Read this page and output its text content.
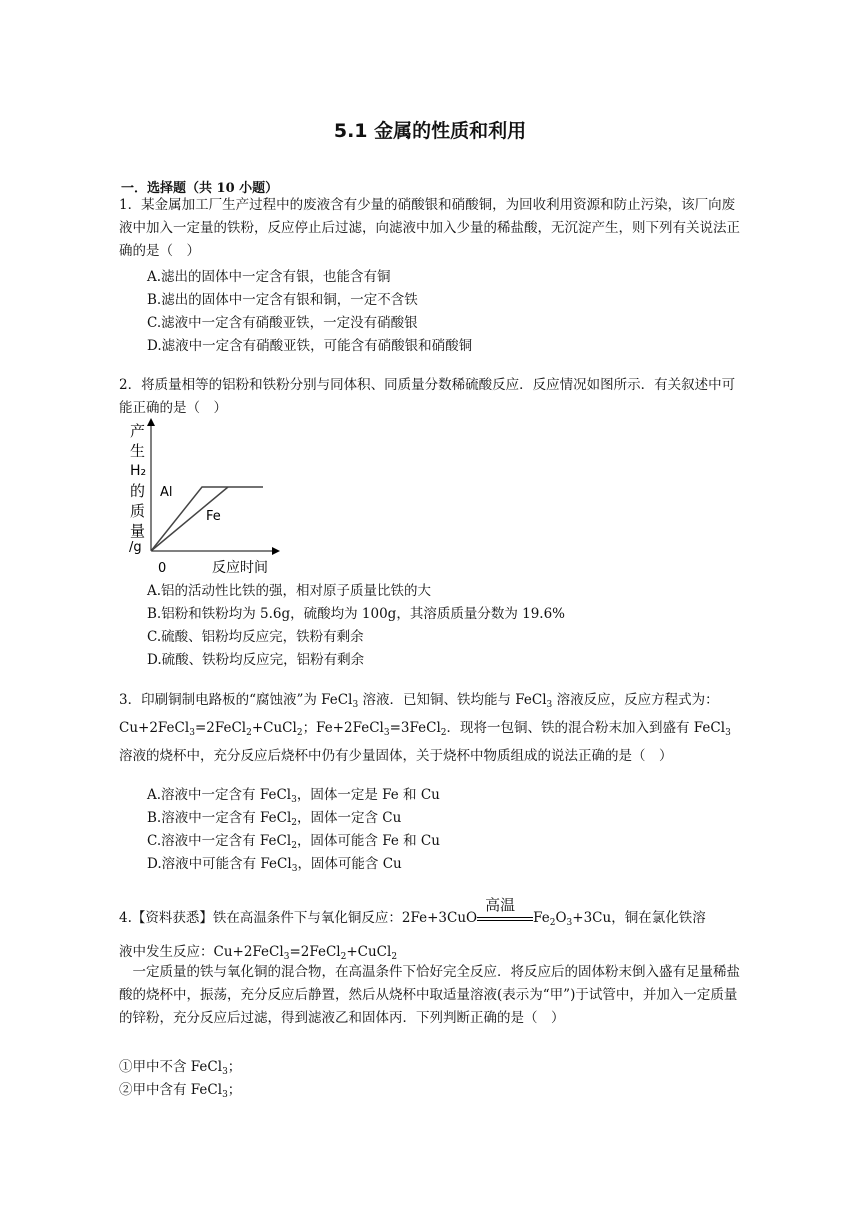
5.1 金属的性质和利用
一．选择题（共 10 小题）
1．某金属加工厂生产过程中的废液含有少量的硝酸银和硝酸铜，为回收利用资源和防止污染，该厂向废液中加入一定量的铁粉，反应停止后过滤，向滤液中加入少量的稀盐酸，无沉淀产生，则下列有关说法正确的是（　）
A.滤出的固体中一定含有银，也能含有铜
B.滤出的固体中一定含有银和铜，一定不含铁
C.滤液中一定含有硝酸亚铁，一定没有硝酸银
D.滤液中一定含有硝酸亚铁，可能含有硝酸银和硝酸铜
2．将质量相等的铝粉和铁粉分别与同体积、同质量分数稀硫酸反应．反应情况如图所示．有关叙述中可能正确的是（　）
产
生
H₂
的
质
量
/g
Al
Fe
0	反应时间
A.铝的活动性比铁的强，相对原子质量比铁的大
B.铝粉和铁粉均为 5.6g，硫酸均为 100g，其溶质质量分数为 19.6%
C.硫酸、铝粉均反应完，铁粉有剩余
D.硫酸、铁粉均反应完，铝粉有剩余
3．印刷铜制电路板的“腐蚀液”为 FeCl$_3$ 溶液．已知铜、铁均能与 FeCl$_3$ 溶液反应，反应方程式为：Cu+2FeCl$_3$=2FeCl$_2$+CuCl$_2$；Fe+2FeCl$_3$=3FeCl$_2$．现将一包铜、铁的混合粉末加入到盛有 FeCl$_3$ 溶液的烧杯中，充分反应后烧杯中仍有少量固体，关于烧杯中物质组成的说法正确的是（　）
A.溶液中一定含有 FeCl$_3$，固体一定是 Fe 和 Cu
B.溶液中一定含有 FeCl$_2$，固体一定含 Cu
C.溶液中一定含有 FeCl$_2$，固体可能含 Fe 和 Cu
D.溶液中可能含有 FeCl$_3$，固体可能含 Cu
4.【资料获悉】铁在高温条件下与氧化铜反应：2Fe+3CuO
高温
$Fe_2O_3+3Cu$，铜在氯化铁溶
液中发生反应：Cu+2FeCl$_3$=2FeCl$_2$+CuCl$_2$
　一定质量的铁与氧化铜的混合物，在高温条件下恰好完全反应．将反应后的固体粉末倒入盛有足量稀盐酸的烧杯中，振荡，充分反应后静置，然后从烧杯中取适量溶液(表示为“甲”)于试管中，并加入一定质量的锌粉，充分反应后过滤，得到滤液乙和固体丙．下列判断正确的是（　）
①甲中不含 FeCl$_3$；
②甲中含有 FeCl$_3$；
